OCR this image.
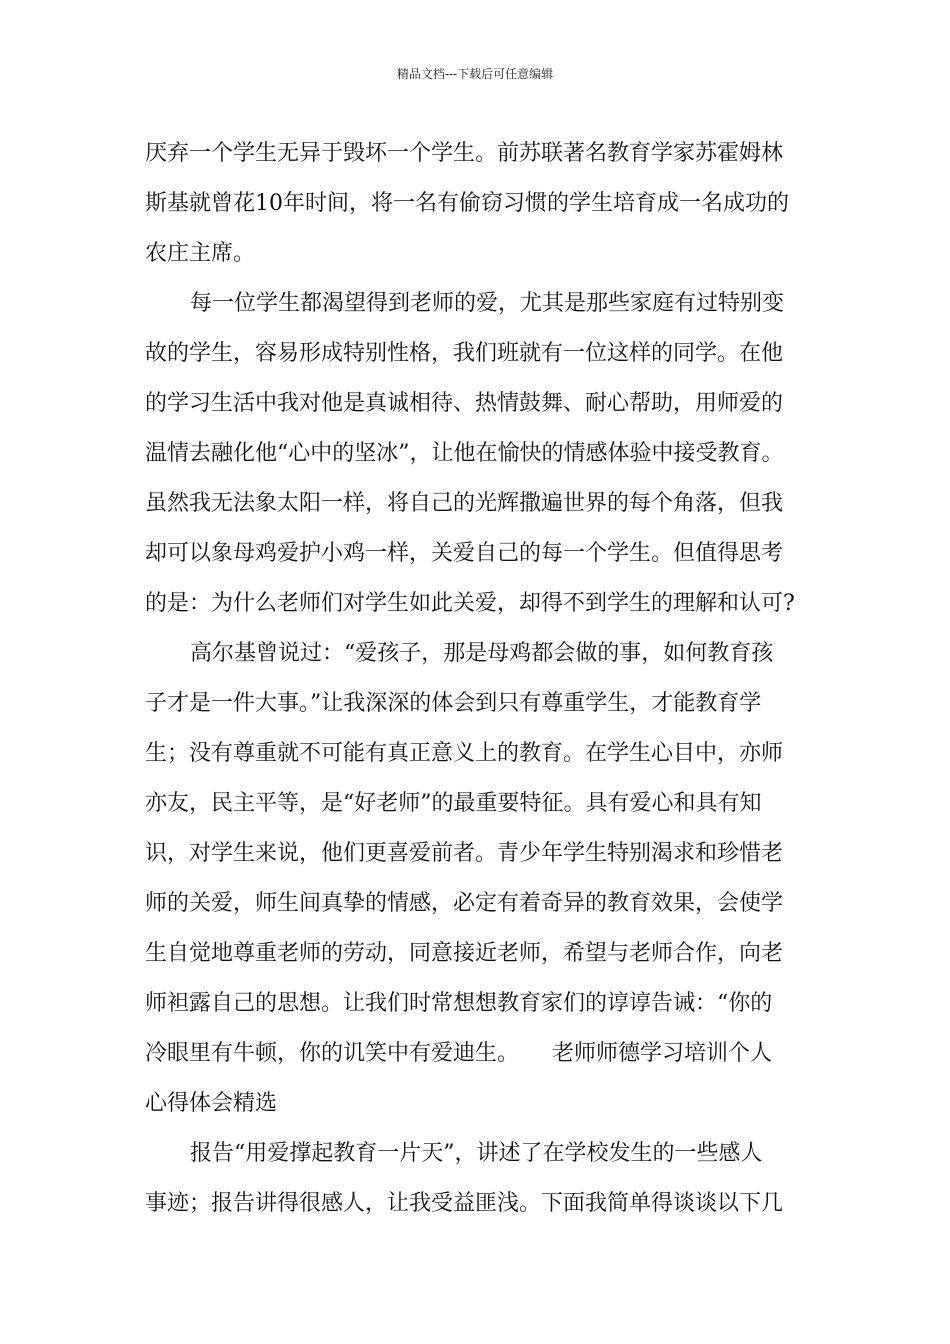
精品文档---下载后可任意编辑
厌弃一个学生无异于毁坏一个学生。前苏联著名教育学家苏霍姆林
斯基就曾花10年时间，将一名有偷窃习惯的学生培育成一名成功的
农庄主席。
每一位学生都渴望得到老师的爱，尤其是那些家庭有过特别变
故的学生，容易形成特别性格，我们班就有一位这样的同学。在他
的学习生活中我对他是真诚相待、热情鼓舞、耐心帮助，用师爱的
温情去融化他“心中的坚冰”，让他在愉快的情感体验中接受教育。
虽然我无法象太阳一样，将自己的光辉撒遍世界的每个角落，但我
却可以象母鸡爱护小鸡一样，关爱自己的每一个学生。但值得思考
的是：为什么老师们对学生如此关爱，却得不到学生的理解和认可?
高尔基曾说过：“爱孩子，那是母鸡都会做的事，如何教育孩
子才是一件大事。”让我深深的体会到只有尊重学生，才能教育学
生；没有尊重就不可能有真正意义上的教育。在学生心目中，亦师
亦友，民主平等，是“好老师”的最重要特征。具有爱心和具有知
识，对学生来说，他们更喜爱前者。青少年学生特别渴求和珍惜老
师的关爱，师生间真挚的情感，必定有着奇异的教育效果，会使学
生自觉地尊重老师的劳动，同意接近老师，希望与老师合作，向老
师袒露自己的思想。让我们时常想想教育家们的谆谆告诫：“你的
冷眼里有牛顿，你的讥笑中有爱迪生。　　老师师德学习培训个人
心得体会精选
报告“用爱撑起教育一片天”，讲述了在学校发生的一些感人
事迹；报告讲得很感人，让我受益匪浅。下面我简单得谈谈以下几
